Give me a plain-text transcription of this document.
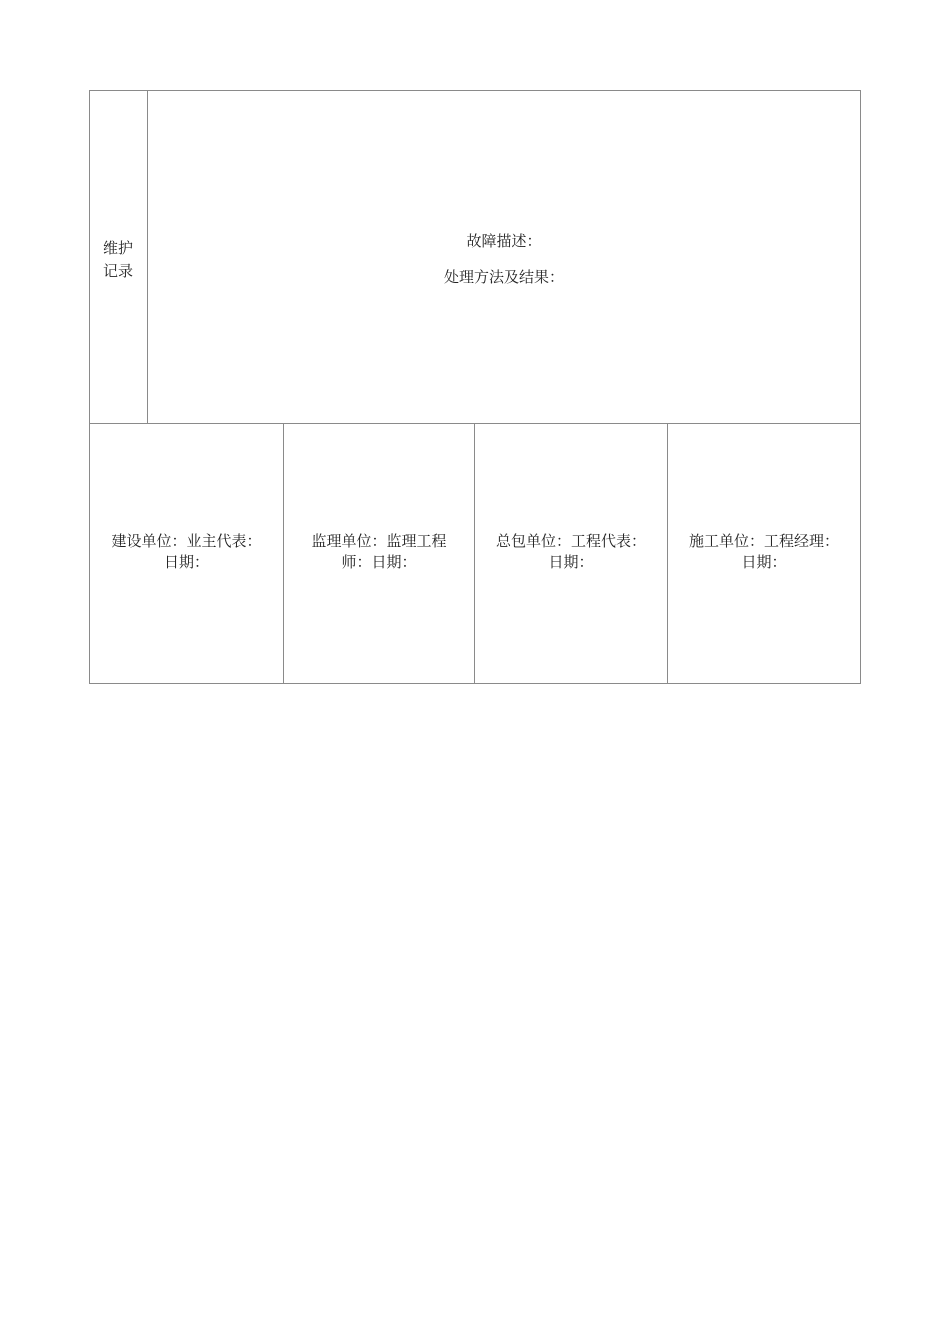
维护
记录
故障描述：
处理方法及结果：
建设单位：业主代表：
日期：
监理单位：监理工程
师：日期：
总包单位：工程代表：
日期：
施工单位：工程经理：
日期：
